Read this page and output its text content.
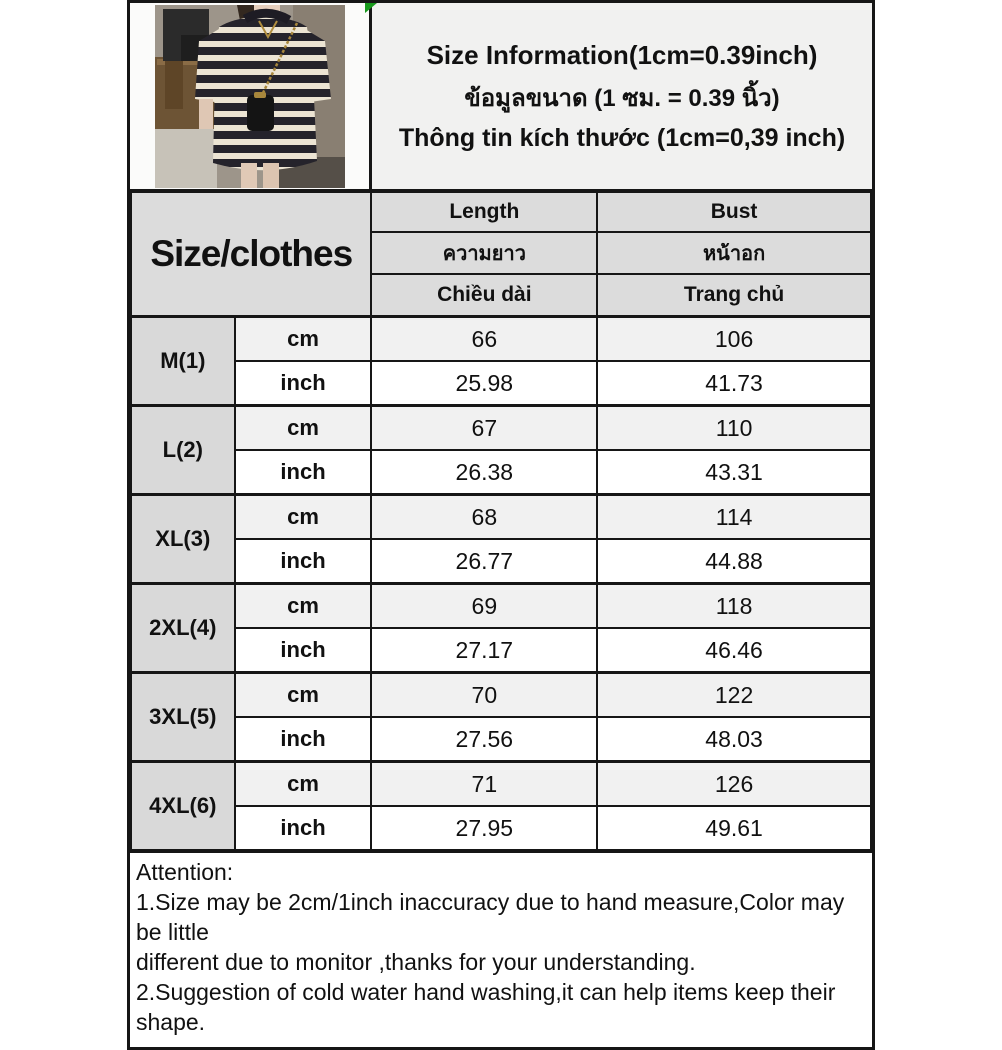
Size Information(1cm=0.39inch)
ข้อมูลขนาด (1 ซม. = 0.39 นิ้ว)
Thông tin kích thước (1cm=0,39 inch)
Size/clothes		Length	Bust
		ความยาว	หน้าอก
		Chiều dài	Trang chủ
M(1)	cm	66	106
	inch	25.98	41.73
L(2)	cm	67	110
	inch	26.38	43.31
XL(3)	cm	68	114
	inch	26.77	44.88
2XL(4)	cm	69	118
	inch	27.17	46.46
3XL(5)	cm	70	122
	inch	27.56	48.03
4XL(6)	cm	71	126
	inch	27.95	49.61
Attention:
1.Size may be 2cm/1inch inaccuracy due to hand measure,Color may be little
different due to monitor ,thanks for your understanding.
2.Suggestion of cold water hand washing,it can help items keep their shape.
